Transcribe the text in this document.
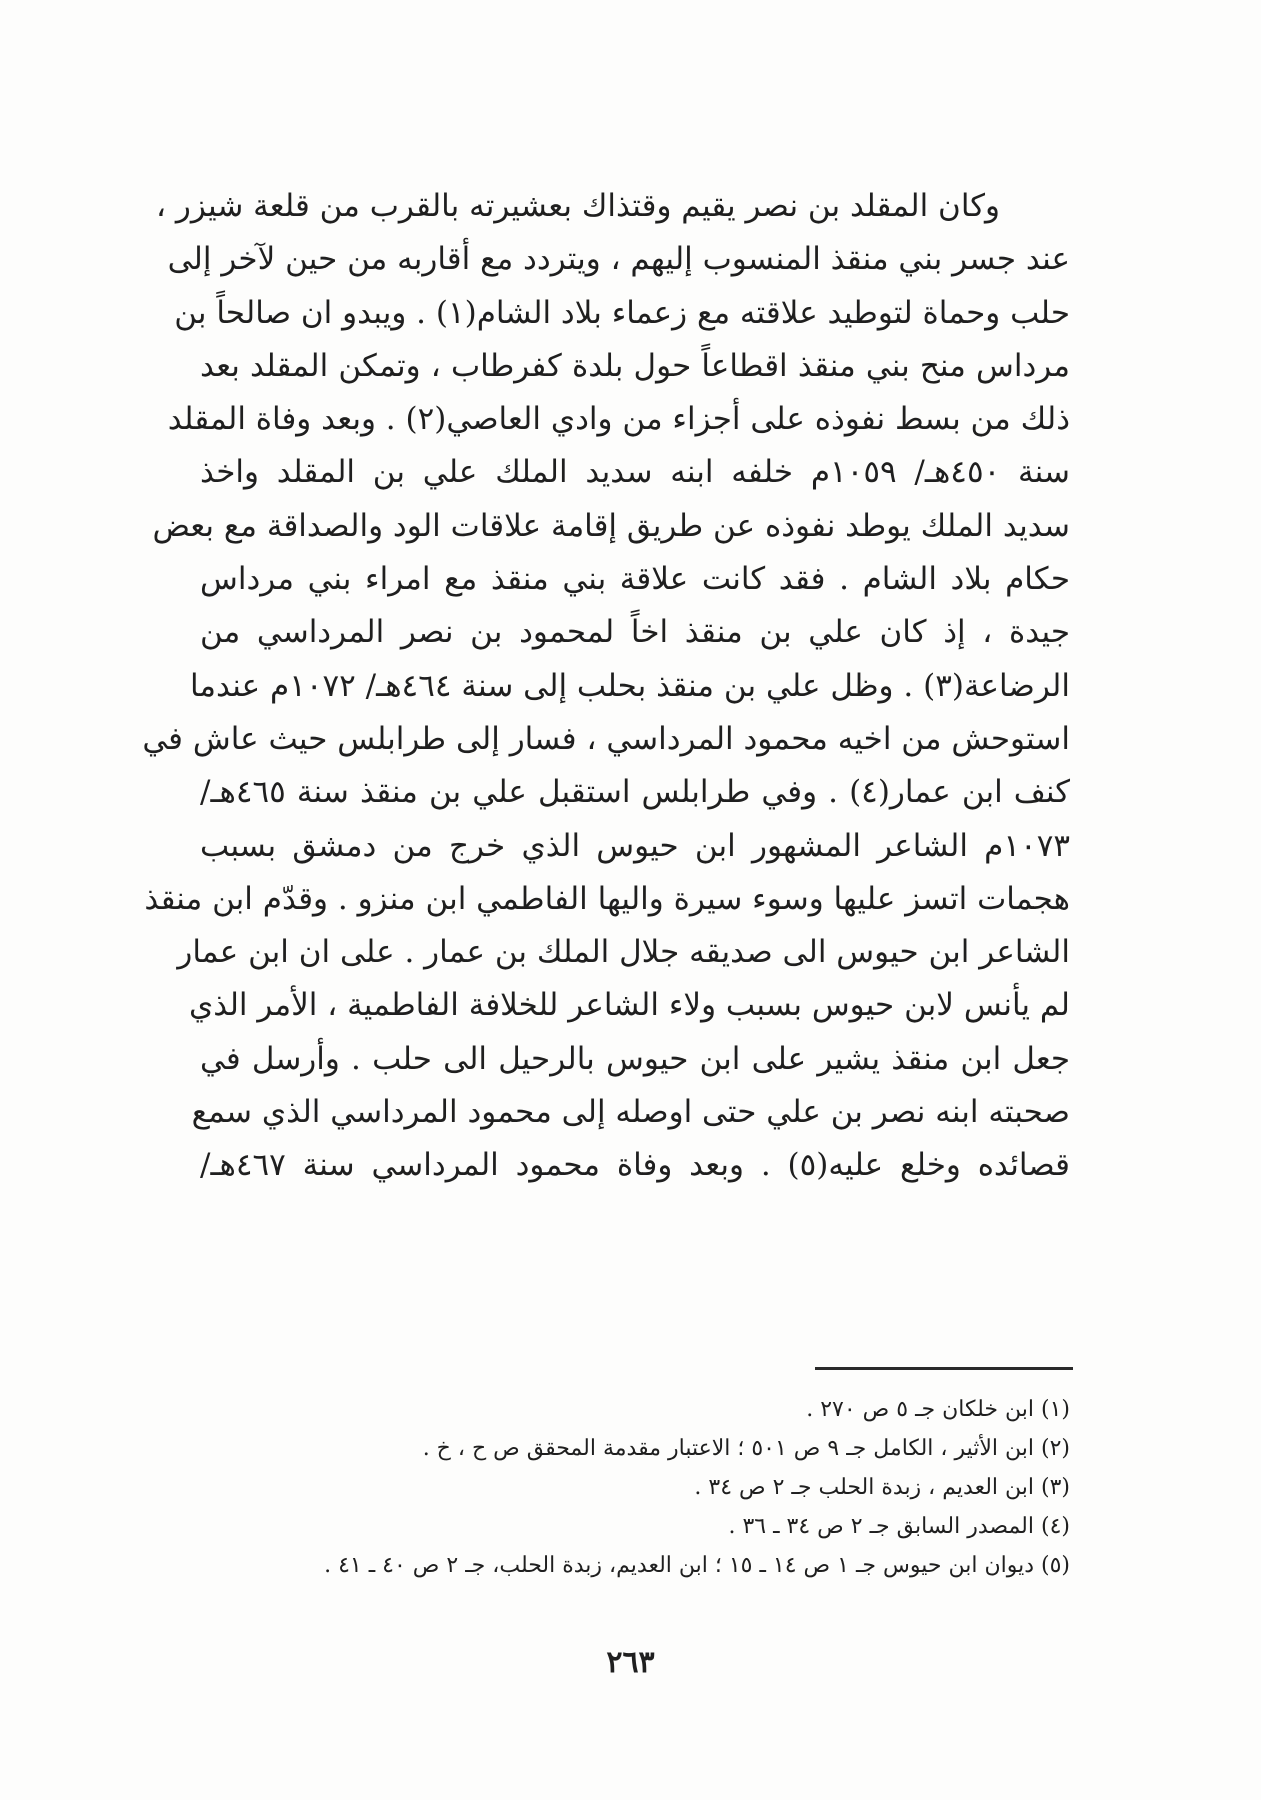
وكان المقلد بن نصر يقيم وقتذاك بعشيرته بالقرب من قلعة شيزر ،
عند جسر بني منقذ المنسوب إليهم ، ويتردد مع أقاربه من حين لآخر إلى
حلب وحماة لتوطيد علاقته مع زعماء بلاد الشام(١) . ويبدو ان صالحاً بن
مرداس منح بني منقذ اقطاعاً حول بلدة كفرطاب ، وتمكن المقلد بعد
ذلك من بسط نفوذه على أجزاء من وادي العاصي(٢) . وبعد وفاة المقلد
سنة ٤٥٠هـ/ ١٠٥٩م خلفه ابنه سديد الملك علي بن المقلد واخذ
سديد الملك يوطد نفوذه عن طريق إقامة علاقات الود والصداقة مع بعض
حكام بلاد الشام . فقد كانت علاقة بني منقذ مع امراء بني مرداس
جيدة ، إذ كان علي بن منقذ اخاً لمحمود بن نصر المرداسي من
الرضاعة(٣) . وظل علي بن منقذ بحلب إلى سنة ٤٦٤هـ/ ١٠٧٢م عندما
استوحش من اخيه محمود المرداسي ، فسار إلى طرابلس حيث عاش في
كنف ابن عمار(٤) . وفي طرابلس استقبل علي بن منقذ سنة ٤٦٥هـ/
١٠٧٣م الشاعر المشهور ابن حيوس الذي خرج من دمشق بسبب
هجمات اتسز عليها وسوء سيرة واليها الفاطمي ابن منزو . وقدّم ابن منقذ
الشاعر ابن حيوس الى صديقه جلال الملك بن عمار . على ان ابن عمار
لم يأنس لابن حيوس بسبب ولاء الشاعر للخلافة الفاطمية ، الأمر الذي
جعل ابن منقذ يشير على ابن حيوس بالرحيل الى حلب . وأرسل في
صحبته ابنه نصر بن علي حتى اوصله إلى محمود المرداسي الذي سمع
قصائده وخلع عليه(٥) . وبعد وفاة محمود المرداسي سنة ٤٦٧هـ/
(١) ابن خلكان جـ ٥ ص ٢٧٠ .
(٢) ابن الأثير ، الكامل جـ ٩ ص ٥٠١ ؛ الاعتبار مقدمة المحقق ص ح ، خ .
(٣) ابن العديم ، زبدة الحلب جـ ٢ ص ٣٤ .
(٤) المصدر السابق جـ ٢ ص ٣٤ ـ ٣٦ .
(٥) ديوان ابن حيوس جـ ١ ص ١٤ ـ ١٥ ؛ ابن العديم، زبدة الحلب، جـ ٢ ص ٤٠ ـ ٤١ .
٢٦٣
